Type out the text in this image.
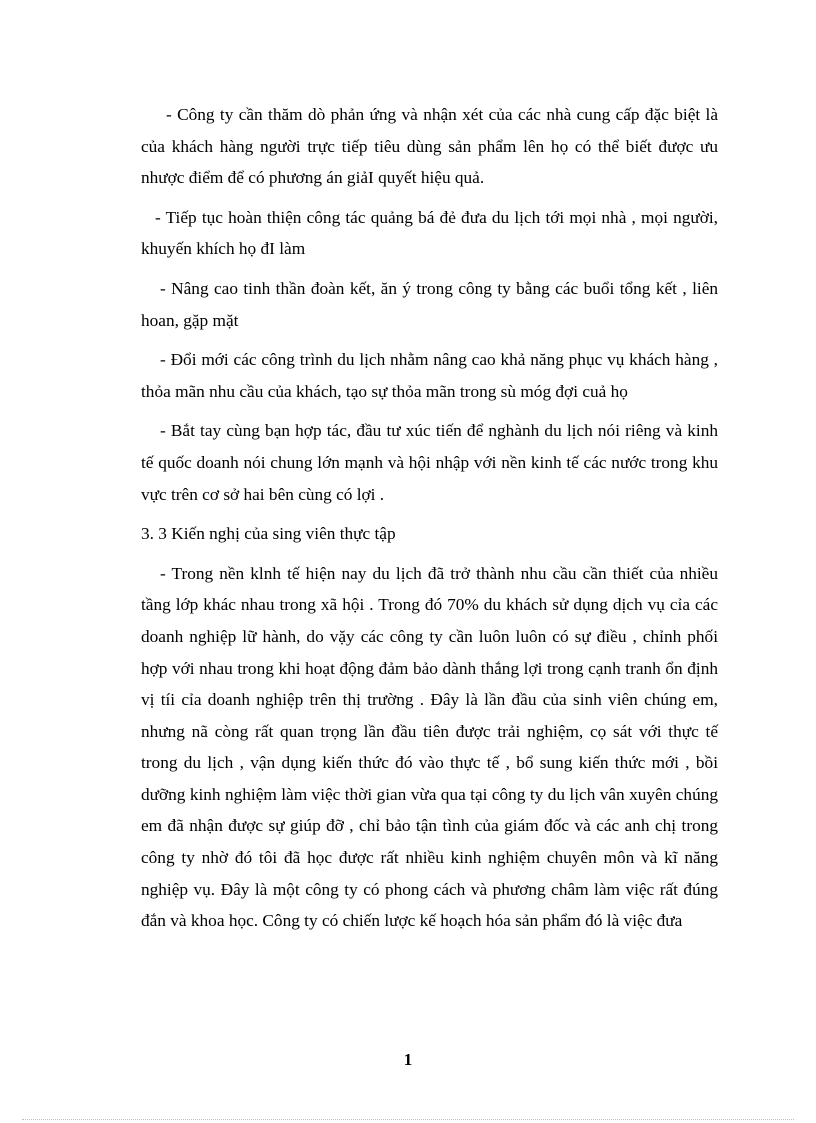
- Công ty cần thăm dò phản ứng và nhận xét của các nhà cung cấp đặc biệt là của khách hàng người trực tiếp tiêu dùng sản phẩm lên họ có thể biết được ưu nhược điểm để có phương án giảI quyết hiệu quả.

- Tiếp tục hoàn thiện công tác quảng bá đẻ đưa du lịch tới mọi nhà , mọi người, khuyến khích họ đI làm

- Nâng cao tinh thần đoàn kết, ăn ý trong công ty bằng các buổi tổng kết , liên hoan, gặp mặt

- Đổi mới các công trình du lịch nhằm nâng cao khả năng phục vụ khách hàng , thỏa mãn nhu cầu của khách, tạo sự thỏa mãn trong sù móg đợi cuả họ

- Bắt tay cùng bạn hợp tác, đầu tư xúc tiến để nghành du lịch nói riêng và kinh tế quốc doanh nói chung lớn mạnh và hội nhập với nền kinh tế các nước trong khu vực trên cơ sở hai bên cùng có lợi .

3. 3 Kiến nghị của sing viên thực tập

- Trong nền klnh tế hiện nay du lịch đã trở thành nhu cầu cần thiết của nhiều tầng lớp khác nhau trong xã hội . Trong đó 70% du khách sử dụng dịch vụ cỉa các doanh nghiệp lữ hành, do vặy các công ty cần luôn luôn có sự điều , chỉnh phối hợp với nhau trong khi hoạt động đảm bảo dành thắng lợi trong cạnh tranh ổn định vị tíi cỉa doanh nghiệp trên thị trường . Đây là lần đầu của sinh viên chúng em, nhưng nã còng rất quan trọng lần đầu tiên được trải nghiệm, cọ sát với thực tế trong du lịch , vận dụng kiến thức đó vào thực tế , bổ sung kiến thức mới , bồi dưỡng kinh nghiệm làm việc thời gian vừa qua tại công ty du lịch vân xuyên chúng em đã nhận được sự giúp đỡ , chỉ bảo tận tình của giám đốc và các anh chị trong công ty nhờ đó tôi đã học được rất nhiều kinh nghiệm chuyên môn và kĩ năng nghiệp vụ. Đây là một công ty có phong cách và phương châm làm việc rất đúng đắn và khoa học. Công ty có chiến lược kế hoạch hóa sản phẩm đó là việc đưa

1
